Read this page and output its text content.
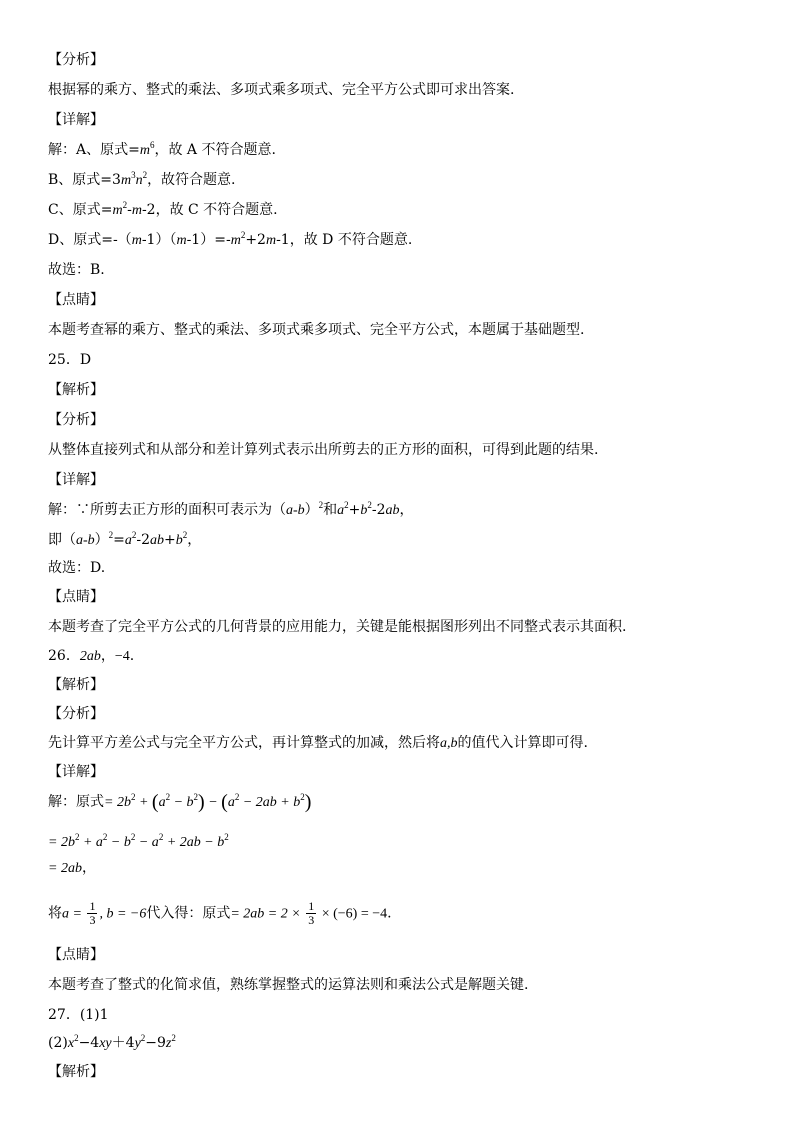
【分析】
根据幂的乘方、整式的乘法、多项式乘多项式、完全平方公式即可求出答案.
【详解】
解：A、原式$=m^6$，故 A 不符合题意.
B、原式$=3m^3n^2$，故符合题意.
C、原式$=m^2-m-2$，故 C 不符合题意.
D、原式$=-(m-1)(m-1)=-m^2+2m-1$，故 D 不符合题意.
故选：B.
【点睛】
本题考查幂的乘方、整式的乘法、多项式乘多项式、完全平方公式，本题属于基础题型.
25．D
【解析】
【分析】
从整体直接列式和从部分和差计算列式表示出所剪去的正方形的面积，可得到此题的结果.
【详解】
解：∵所剪去正方形的面积可表示为$(a-b)^2$和$a^2+b^2-2ab$，
即$(a-b)^2=a^2-2ab+b^2$，
故选：D.
【点睛】
本题考查了完全平方公式的几何背景的应用能力，关键是能根据图形列出不同整式表示其面积.
26．2ab，−4.
【解析】
【分析】
先计算平方差公式与完全平方公式，再计算整式的加减，然后将a,b的值代入计算即可得.
【详解】
解：原式= $2b^2 + (a^2 - b^2) - (a^2 - 2ab + b^2)$
= $2b^2 + a^2 - b^2 - a^2 + 2ab - b^2$
= 2ab，
将$a = \frac{1}{3}$ , b = −6代入得：原式= $2ab = 2 \times \frac{1}{3} \times (-6) = -4$.
【点睛】
本题考查了整式的化简求值，熟练掌握整式的运算法则和乘法公式是解题关键.
27．(1)1
$(2)x^2-4xy+4y^2-9z^2$
【解析】
